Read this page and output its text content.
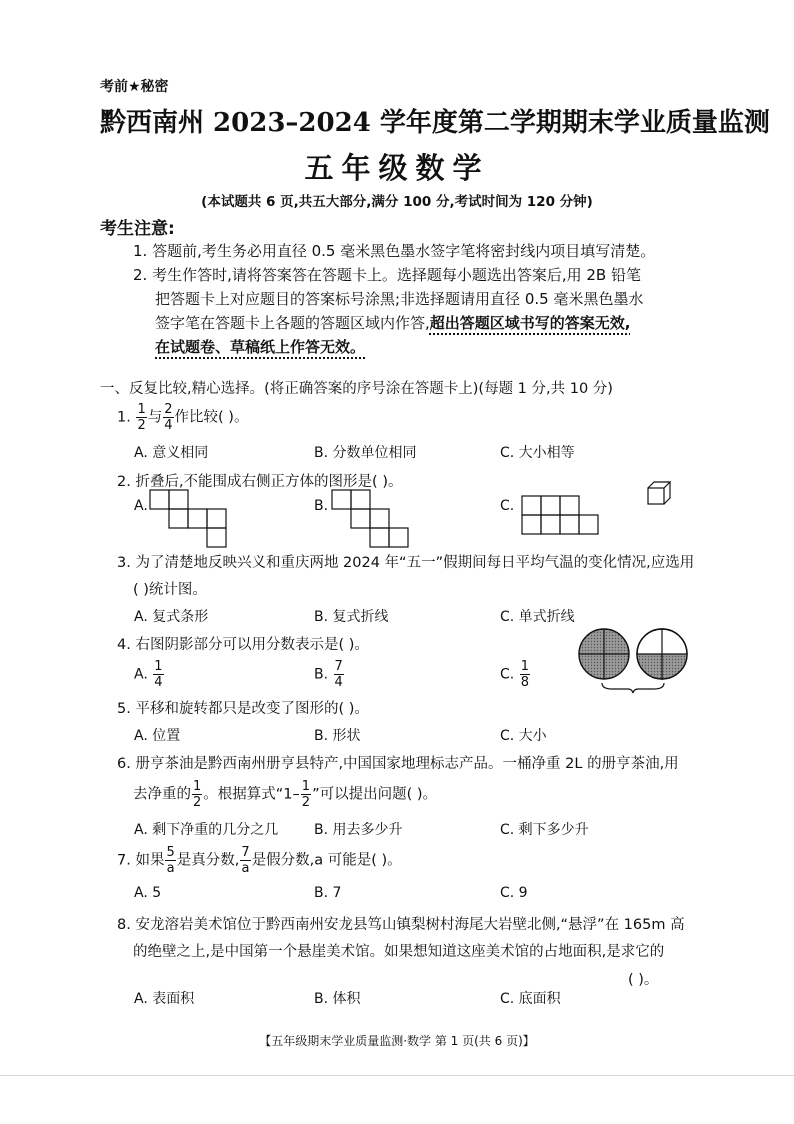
考前★秘密
黔西南州 2023–2024 学年度第二学期期末学业质量监测
五年级数学
(本试题共 6 页,共五大部分,满分 100 分,考试时间为 120 分钟)
考生注意:
1. 答题前,考生务必用直径 0.5 毫米黑色墨水签字笔将密封线内项目填写清楚。
2. 考生作答时,请将答案答在答题卡上。选择题每小题选出答案后,用 2B 铅笔
把答题卡上对应题目的答案标号涂黑;非选择题请用直径 0.5 毫米黑色墨水
签字笔在答题卡上各题的答题区域内作答,超出答题区域书写的答案无效,
在试题卷、草稿纸上作答无效。
一、反复比较,精心选择。(将正确答案的序号涂在答题卡上)(每题 1 分,共 10 分)
1. $\frac{1}{2}$ 与 $\frac{2}{4}$ 作比较( )。
A. 意义相同	B. 分数单位相同	C. 大小相等
2. 折叠后,不能围成右侧正方体的图形是( )。
A.	B.	C.
3. 为了清楚地反映兴义和重庆两地 2024 年“五一”假期间每日平均气温的变化情况,应选用
( )统计图。
A. 复式条形	B. 复式折线	C. 单式折线
4. 右图阴影部分可以用分数表示是( )。
A. $\frac{1}{4}$	B. $\frac{7}{4}$	C. $\frac{1}{8}$
5. 平移和旋转都只是改变了图形的( )。
A. 位置	B. 形状	C. 大小
6. 册亨茶油是黔西南州册亨县特产,中国国家地理标志产品。一桶净重 2L 的册亨茶油,用
去净重的 $\frac{1}{2}$ 。根据算式“$1- \frac{1}{2}$ ”可以提出问题( )。
A. 剩下净重的几分之几	B. 用去多少升	C. 剩下多少升
7. 如果 $\frac{5}{a}$ 是真分数, $\frac{7}{a}$ 是假分数,a 可能是( )。
A. 5	B. 7	C. 9
8. 安龙溶岩美术馆位于黔西南州安龙县笃山镇梨树村海尾大岩壁北侧,“悬浮”在 165m 高
的绝壁之上,是中国第一个悬崖美术馆。如果想知道这座美术馆的占地面积,是求它的
( )。
A. 表面积	B. 体积	C. 底面积
【五年级期末学业质量监测·数学 第 1 页(共 6 页)】
